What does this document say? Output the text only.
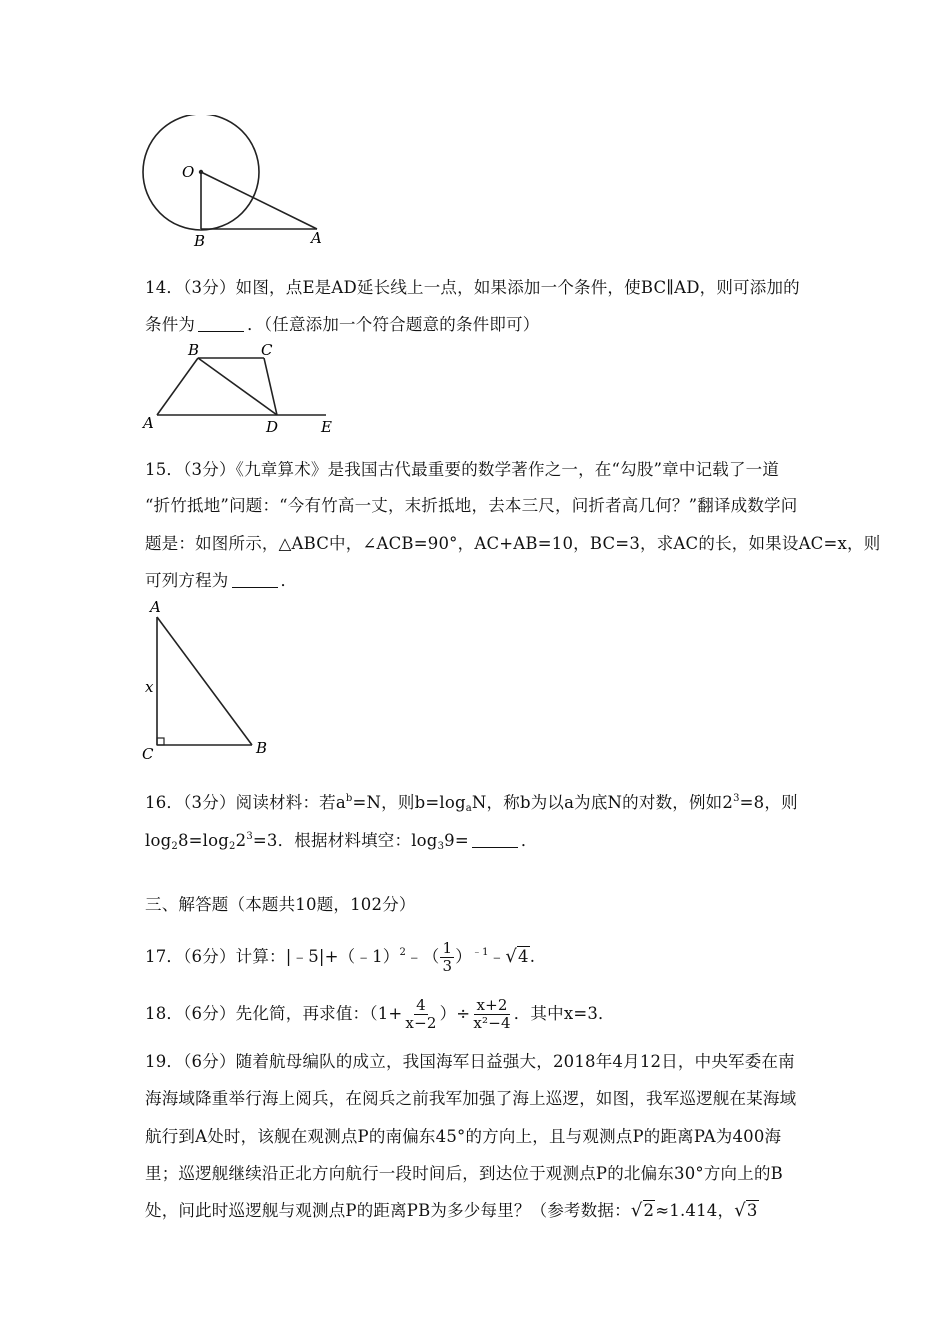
O
B	A
14．（3分）如图，点E是AD延长线上一点，如果添加一个条件，使BC∥AD，则可添加的
条件为	．（任意添加一个符合题意的条件即可）
A
B	C
D	E
15．（3分）《九章算术》是我国古代最重要的数学著作之一，在“勾股”章中记载了一道
“折竹抵地”问题：“今有竹高一丈，末折抵地，去本三尺，问折者高几何？”翻译成数学问
题是：如图所示，△ABC中，∠ACB=90°，AC+AB=10，BC=3，求AC的长，如果设AC=x，则
可列方程为	．
A
x
C	B
16．（3分）阅读材料：若$a^b=N$，则$b=\log_aN$，称b为以a为底N的对数，例如$2^3=8$，则
$\log_28=\log_22^3=3$．根据材料填空：$\log_39=$	．
三、解答题（本题共10题，102分）
17．（6分）计算：|﹣5|+（﹣1）$^2$﹣（ $\frac{1}{3}$ ）$^{﹣1}$﹣√4.
18．（6分）先化简，再求值：（$1+ \frac{4}{x-2}$ ）÷ $\frac{x+2}{\text{x²−4}}$ ．其中x=3．
19．（6分）随着航母编队的成立，我国海军日益强大，2018年4月12日，中央军委在南
海海域降重举行海上阅兵，在阅兵之前我军加强了海上巡逻，如图，我军巡逻舰在某海域
航行到A处时，该舰在观测点P的南偏东45°的方向上，且与观测点P的距离PA为400海
里；巡逻舰继续沿正北方向航行一段时间后，到达位于观测点P的北偏东30°方向上的B
处，问此时巡逻舰与观测点P的距离PB为多少每里？（参考数据：√2≈1.414，√3
